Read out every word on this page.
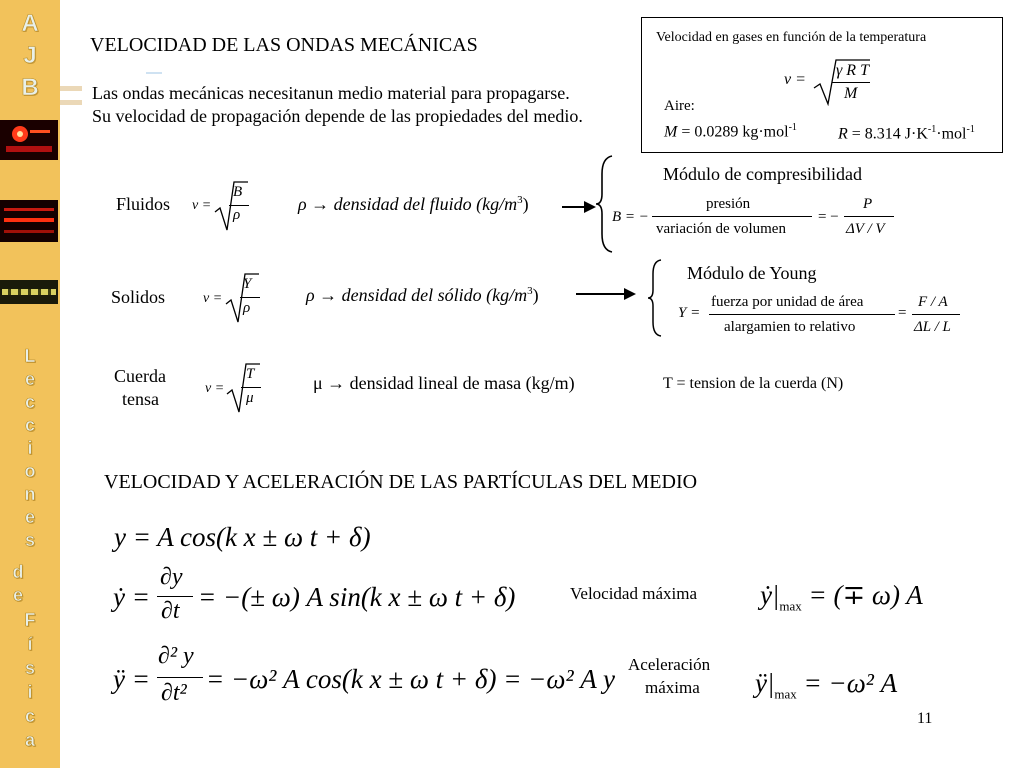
A
J
B
L
e
c
c
i
o
n
e
s
d
e
F
í
s
i
c
a
VELOCIDAD DE LAS ONDAS MECÁNICAS
Las ondas mecánicas necesitanun medio material para propagarse.
Su velocidad de propagación depende de las propiedades del medio.
Velocidad en gases en función de la temperatura
v =
γ R T
M
Aire:
M = 0.0289 kg·mol$^{-1}$	R = 8.314 $J\cdot K^{-1}\cdot mol^{-1}$
Fluidos v =
B
ρ
ρ → densidad del fluido $(kg/m^3)$
Módulo de compresibilidad
B = −
presión
variación de volumen
= −
P
ΔV / V
Solidos	v =
Y
ρ
ρ → densidad del sólido $(kg/m^3)$
Módulo de Young
Y =
fuerza por unidad de área
alargamien to relativo
=
F / A
ΔL / L
Cuerda
tensa
v =
T
μ
μ → densidad lineal de masa (kg/m)	T = tension de la cuerda (N)
VELOCIDAD Y ACELERACIÓN DE LAS PARTÍCULAS DEL MEDIO
y = A cos(k x ± ω t + δ)
ẏ =
∂y
∂t = −(± ω) A sin(k x ± ω t + δ)
ÿ =
∂² y
∂t² = −ω² A cos(k x ± ω t + δ) = −ω² A y
Velocidad máxima $ẏ|_{max}$ = (∓ ω) A
Aceleración
máxima $ÿ|_{max} = -\omega^2$ A
11
